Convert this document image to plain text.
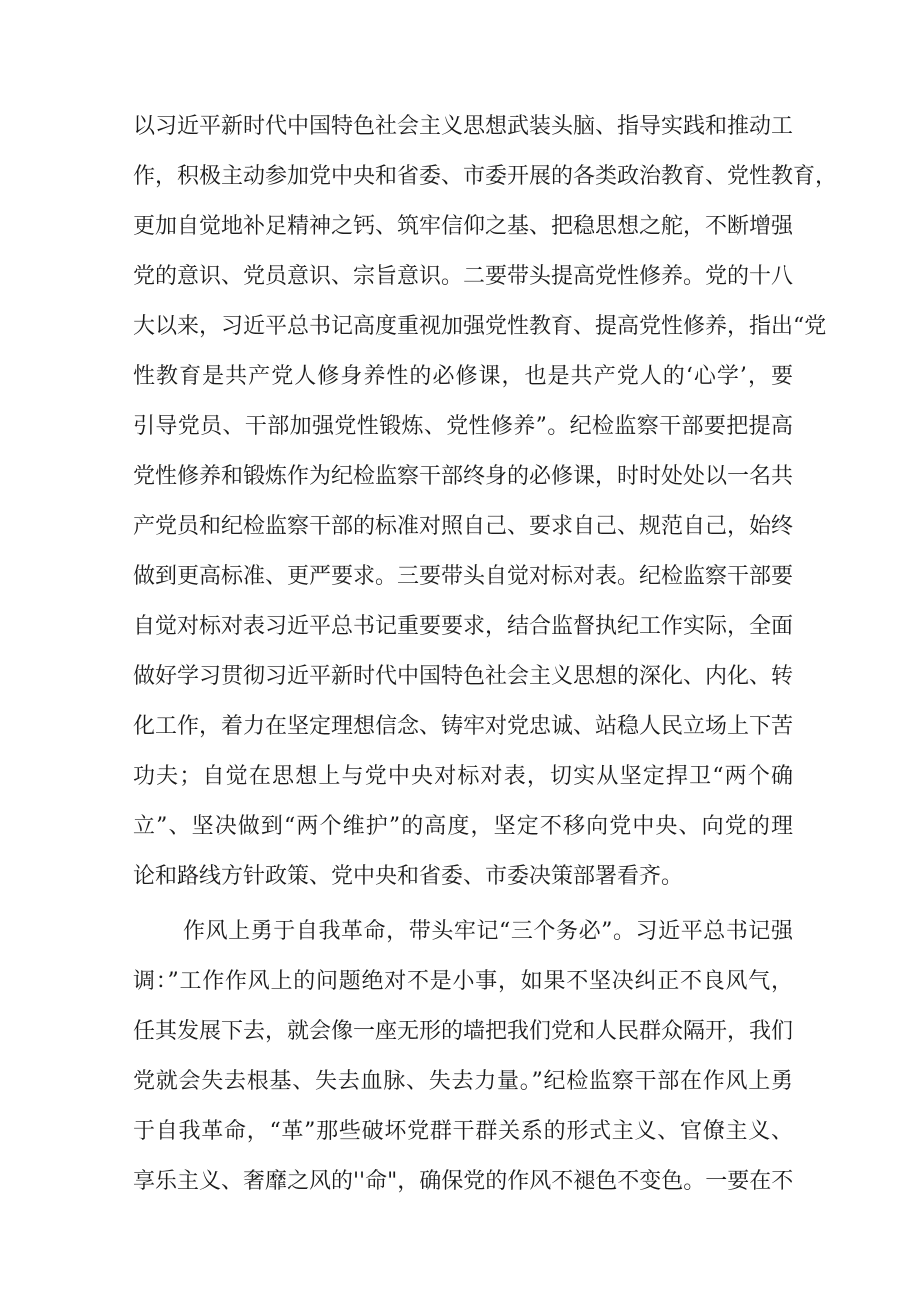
以习近平新时代中国特色社会主义思想武装头脑、指导实践和推动工
作，积极主动参加党中央和省委、市委开展的各类政治教育、党性教育，
更加自觉地补足精神之钙、筑牢信仰之基、把稳思想之舵，不断增强
党的意识、党员意识、宗旨意识。二要带头提高党性修养。党的十八
大以来，习近平总书记高度重视加强党性教育、提高党性修养，指出“党
性教育是共产党人修身养性的必修课，也是共产党人的‘心学’，要
引导党员、干部加强党性锻炼、党性修养”。纪检监察干部要把提高
党性修养和锻炼作为纪检监察干部终身的必修课，时时处处以一名共
产党员和纪检监察干部的标准对照自己、要求自己、规范自己，始终
做到更高标准、更严要求。三要带头自觉对标对表。纪检监察干部要
自觉对标对表习近平总书记重要要求，结合监督执纪工作实际，全面
做好学习贯彻习近平新时代中国特色社会主义思想的深化、内化、转
化工作，着力在坚定理想信念、铸牢对党忠诚、站稳人民立场上下苦
功夫；自觉在思想上与党中央对标对表，切实从坚定捍卫“两个确
立”、坚决做到“两个维护”的高度，坚定不移向党中央、向党的理
论和路线方针政策、党中央和省委、市委决策部署看齐。
作风上勇于自我革命，带头牢记“三个务必”。习近平总书记强
调：”工作作风上的问题绝对不是小事，如果不坚决纠正不良风气，
任其发展下去，就会像一座无形的墙把我们党和人民群众隔开，我们
党就会失去根基、失去血脉、失去力量。”纪检监察干部在作风上勇
于自我革命，“革”那些破坏党群干群关系的形式主义、官僚主义、
享乐主义、奢靡之风的''命"，确保党的作风不褪色不变色。一要在不
